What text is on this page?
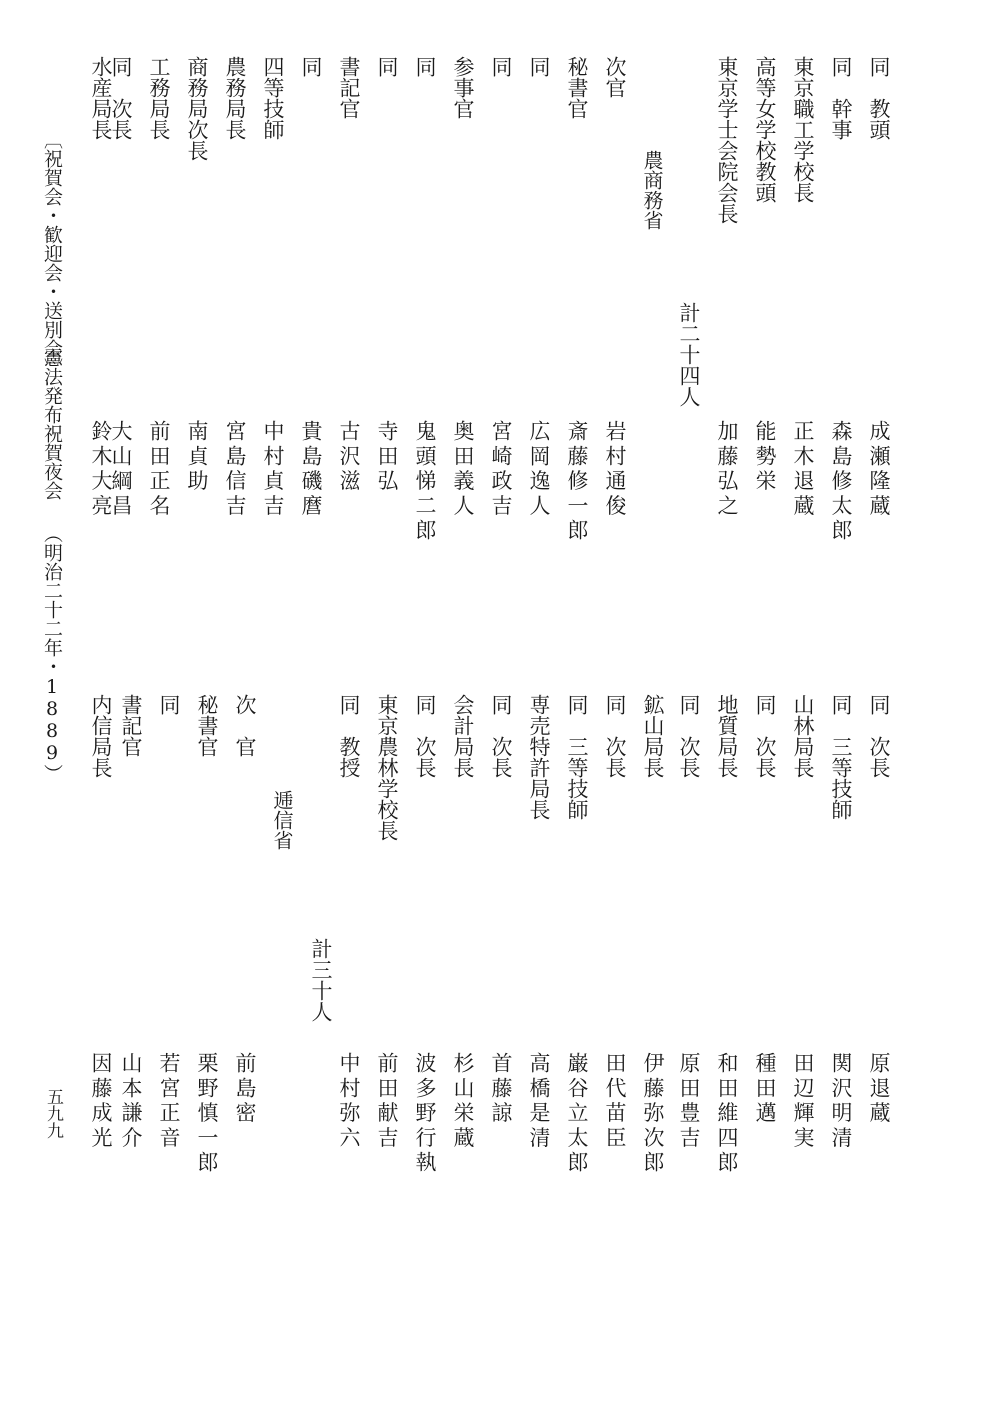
〔祝賀会・歓迎会・送別会〕
憲法発布祝賀夜会
（明治二十二年・1889）
五九九
同　教頭
成瀬隆蔵
同　幹事
森島修太郎
東京職工学校長
正木退蔵
高等女学校教頭
能勢栄
東京学士会院会長
加藤弘之
計二十四人
農商務省
次官
岩村通俊
秘書官
斎藤修一郎
同
広岡逸人
同
宮崎政吉
参事官
奥田義人
同
鬼頭悌二郎
同
寺田弘
書記官
古沢滋
同
貴島磯麿
四等技師
中村貞吉
農務局長
宮島信吉
商務局次長
南貞助
工務局長
前田正名
同　次長
大山綱昌
水産局長
鈴木大亮
同　次長
原退蔵
同　三等技師
関沢明清
山林局長
田辺輝実
同　次長
種田邁
地質局長
和田維四郎
同　次長
原田豊吉
鉱山局長
伊藤弥次郎
同　次長
田代苗臣
同　三等技師
巌谷立太郎
専売特許局長
高橋是清
同　次長
首藤諒
会計局長
杉山栄蔵
同　次長
波多野行執
東京農林学校長
前田献吉
同　教授
中村弥六
計三十人
逓信省
次　官
前島密
秘書官
栗野慎一郎
同
若宮正音
書記官
山本謙介
内信局長
因藤成光
